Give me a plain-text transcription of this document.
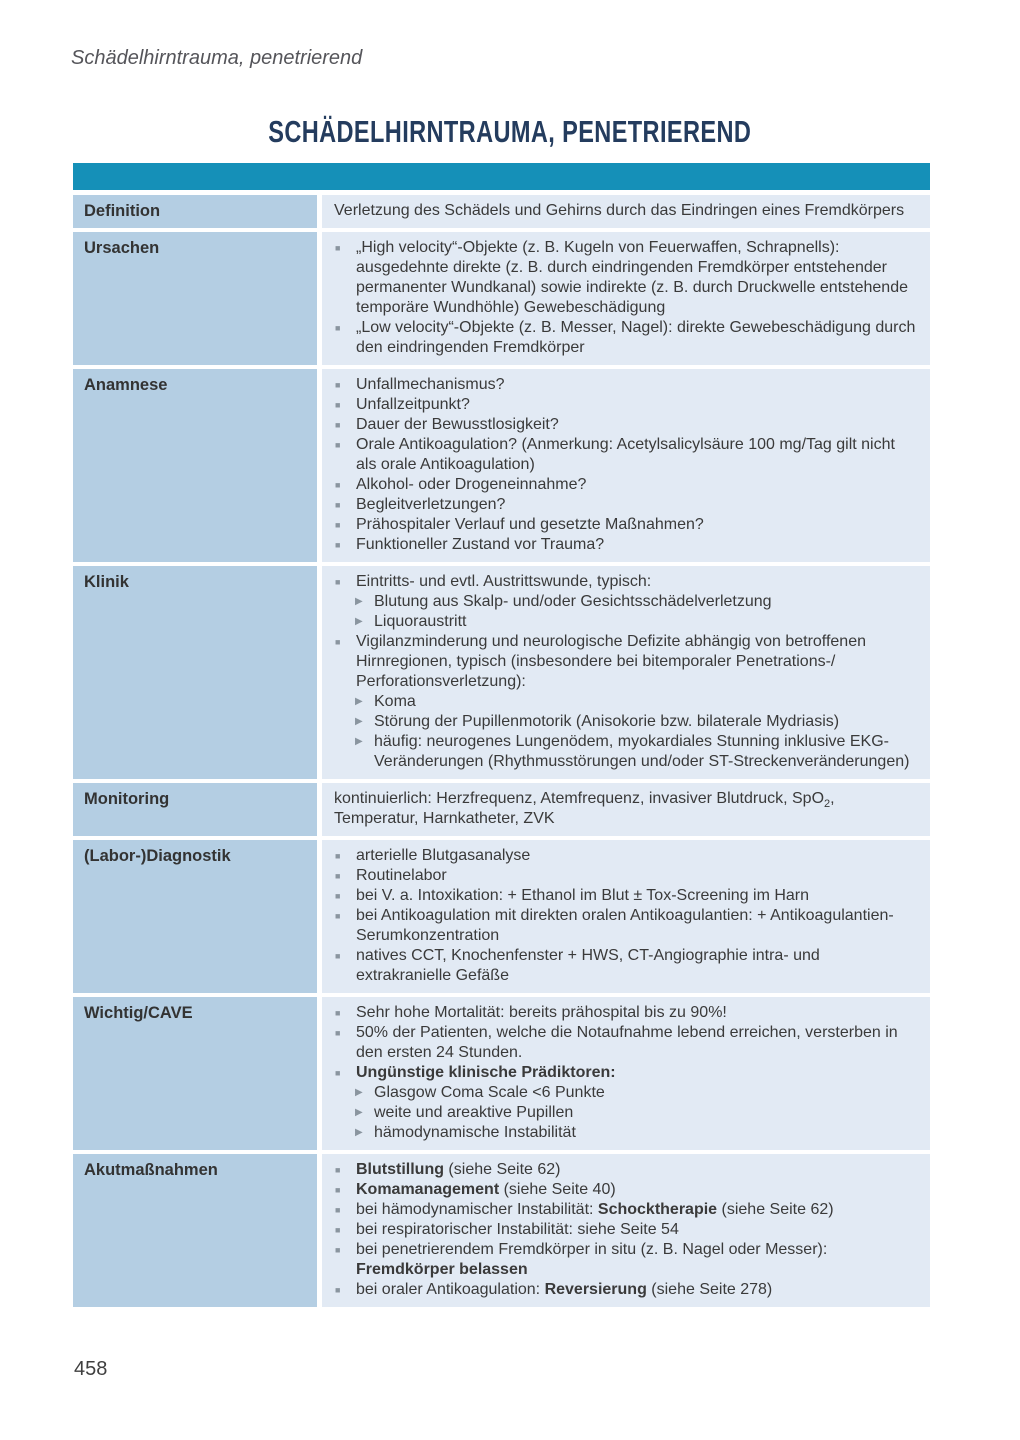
Schädelhirntrauma, penetrierend
SCHÄDELHIRNTRAUMA, PENETRIEREND
Definition	Verletzung des Schädels und Gehirns durch das Eindringen eines Fremdkörpers
Ursachen	■ „High velocity“-Objekte (z. B. Kugeln von Feuerwaffen, Schrapnells): ausgedehnte direkte (z. B. durch eindringenden Fremdkörper entstehender permanenter Wundkanal) sowie indirekte (z. B. durch Druckwelle entstehende temporäre Wundhöhle) Gewebeschädigung
■ „Low velocity“-Objekte (z. B. Messer, Nagel): direkte Gewebeschädigung durch den eindringenden Fremdkörper
Anamnese	■ Unfallmechanismus?
■ Unfallzeitpunkt?
■ Dauer der Bewusstlosigkeit?
■ Orale Antikoagulation? (Anmerkung: Acetylsalicylsäure 100 mg/Tag gilt nicht als orale Antikoagulation)
■ Alkohol- oder Drogeneinnahme?
■ Begleitverletzungen?
■ Prähospitaler Verlauf und gesetzte Maßnahmen?
■ Funktioneller Zustand vor Trauma?
Klinik	■ Eintritts- und evtl. Austrittswunde, typisch:
▶ Blutung aus Skalp- und/oder Gesichtsschädelverletzung
▶ Liquoraustritt
■ Vigilanzminderung und neurologische Defizite abhängig von betroffenen Hirnregionen, typisch (insbesondere bei bitemporaler Penetrations-/ Perforationsverletzung):
▶ Koma
▶ Störung der Pupillenmotorik (Anisokorie bzw. bilaterale Mydriasis)
▶ häufig: neurogenes Lungenödem, myokardiales Stunning inklusive EKG-Veränderungen (Rhythmusstörungen und/oder ST-Streckenveränderungen)
Monitoring	kontinuierlich: Herzfrequenz, Atemfrequenz, invasiver Blutdruck, SpO$_2$, Temperatur, Harnkatheter, ZVK
(Labor-)Diagnostik	■ arterielle Blutgasanalyse
■ Routinelabor
■ bei V. a. Intoxikation: + Ethanol im Blut ± Tox-Screening im Harn
■ bei Antikoagulation mit direkten oralen Antikoagulantien: + Antikoagulantien-Serumkonzentration
■ natives CCT, Knochenfenster + HWS, CT-Angiographie intra- und extrakranielle Gefäße
Wichtig/CAVE	■ Sehr hohe Mortalität: bereits prähospital bis zu 90%!
■ 50% der Patienten, welche die Notaufnahme lebend erreichen, versterben in den ersten 24 Stunden.
■ Ungünstige klinische Prädiktoren:
▶ Glasgow Coma Scale <6 Punkte
▶ weite und areaktive Pupillen
▶ hämodynamische Instabilität
Akutmaßnahmen	■ Blutstillung (siehe Seite 62)
■ Komamanagement (siehe Seite 40)
■ bei hämodynamischer Instabilität: Schocktherapie (siehe Seite 62)
■ bei respiratorischer Instabilität: siehe Seite 54
■ bei penetrierendem Fremdkörper in situ (z. B. Nagel oder Messer): Fremdkörper belassen
■ bei oraler Antikoagulation: Reversierung (siehe Seite 278)
458
